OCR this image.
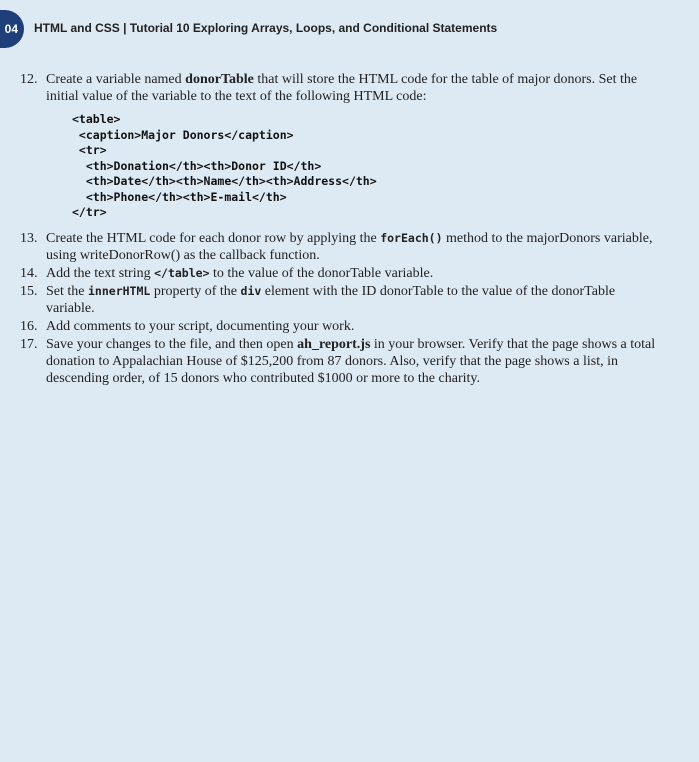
04 HTML and CSS | Tutorial 10 Exploring Arrays, Loops, and Conditional Statements
12. Create a variable named donorTable that will store the HTML code for the table of major donors. Set the initial value of the variable to the text of the following HTML code:
<table>
<caption>Major Donors</caption>
<tr>
<th>Donation</th><th>Donor ID</th>
<th>Date</th><th>Name</th><th>Address</th>
<th>Phone</th><th>E-mail</th>
</tr>
13. Create the HTML code for each donor row by applying the forEach() method to the majorDonors variable, using writeDonorRow() as the callback function.
14. Add the text string </table> to the value of the donorTable variable.
15. Set the innerHTML property of the div element with the ID donorTable to the value of the donorTable variable.
16. Add comments to your script, documenting your work.
17. Save your changes to the file, and then open ah_report.js in your browser. Verify that the page shows a total donation to Appalachian House of $125,200 from 87 donors. Also, verify that the page shows a list, in descending order, of 15 donors who contributed $1000 or more to the charity.
